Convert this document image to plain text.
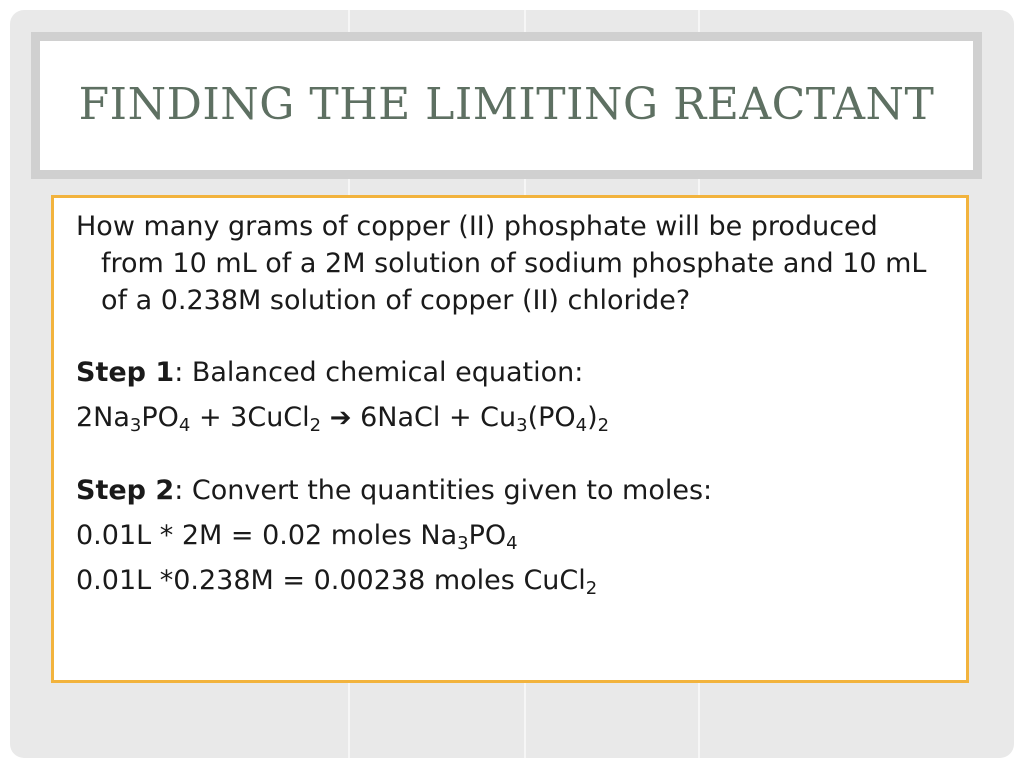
FINDING THE LIMITING REACTANT
How many grams of copper (II) phosphate will be produced from 10 mL of a 2M solution of sodium phosphate and 10 mL of a 0.238M solution of copper (II) chloride?
Step 1: Balanced chemical equation:
$2Na_3PO_4$ + 3CuCl$_2$ ➔ 6NaCl + $Cu_3(PO_4)_2$
Step 2: Convert the quantities given to moles:
0.01L * 2M = 0.02 moles $Na_3PO_4$
0.01L *0.238M = 0.00238 moles CuCl$_2$
